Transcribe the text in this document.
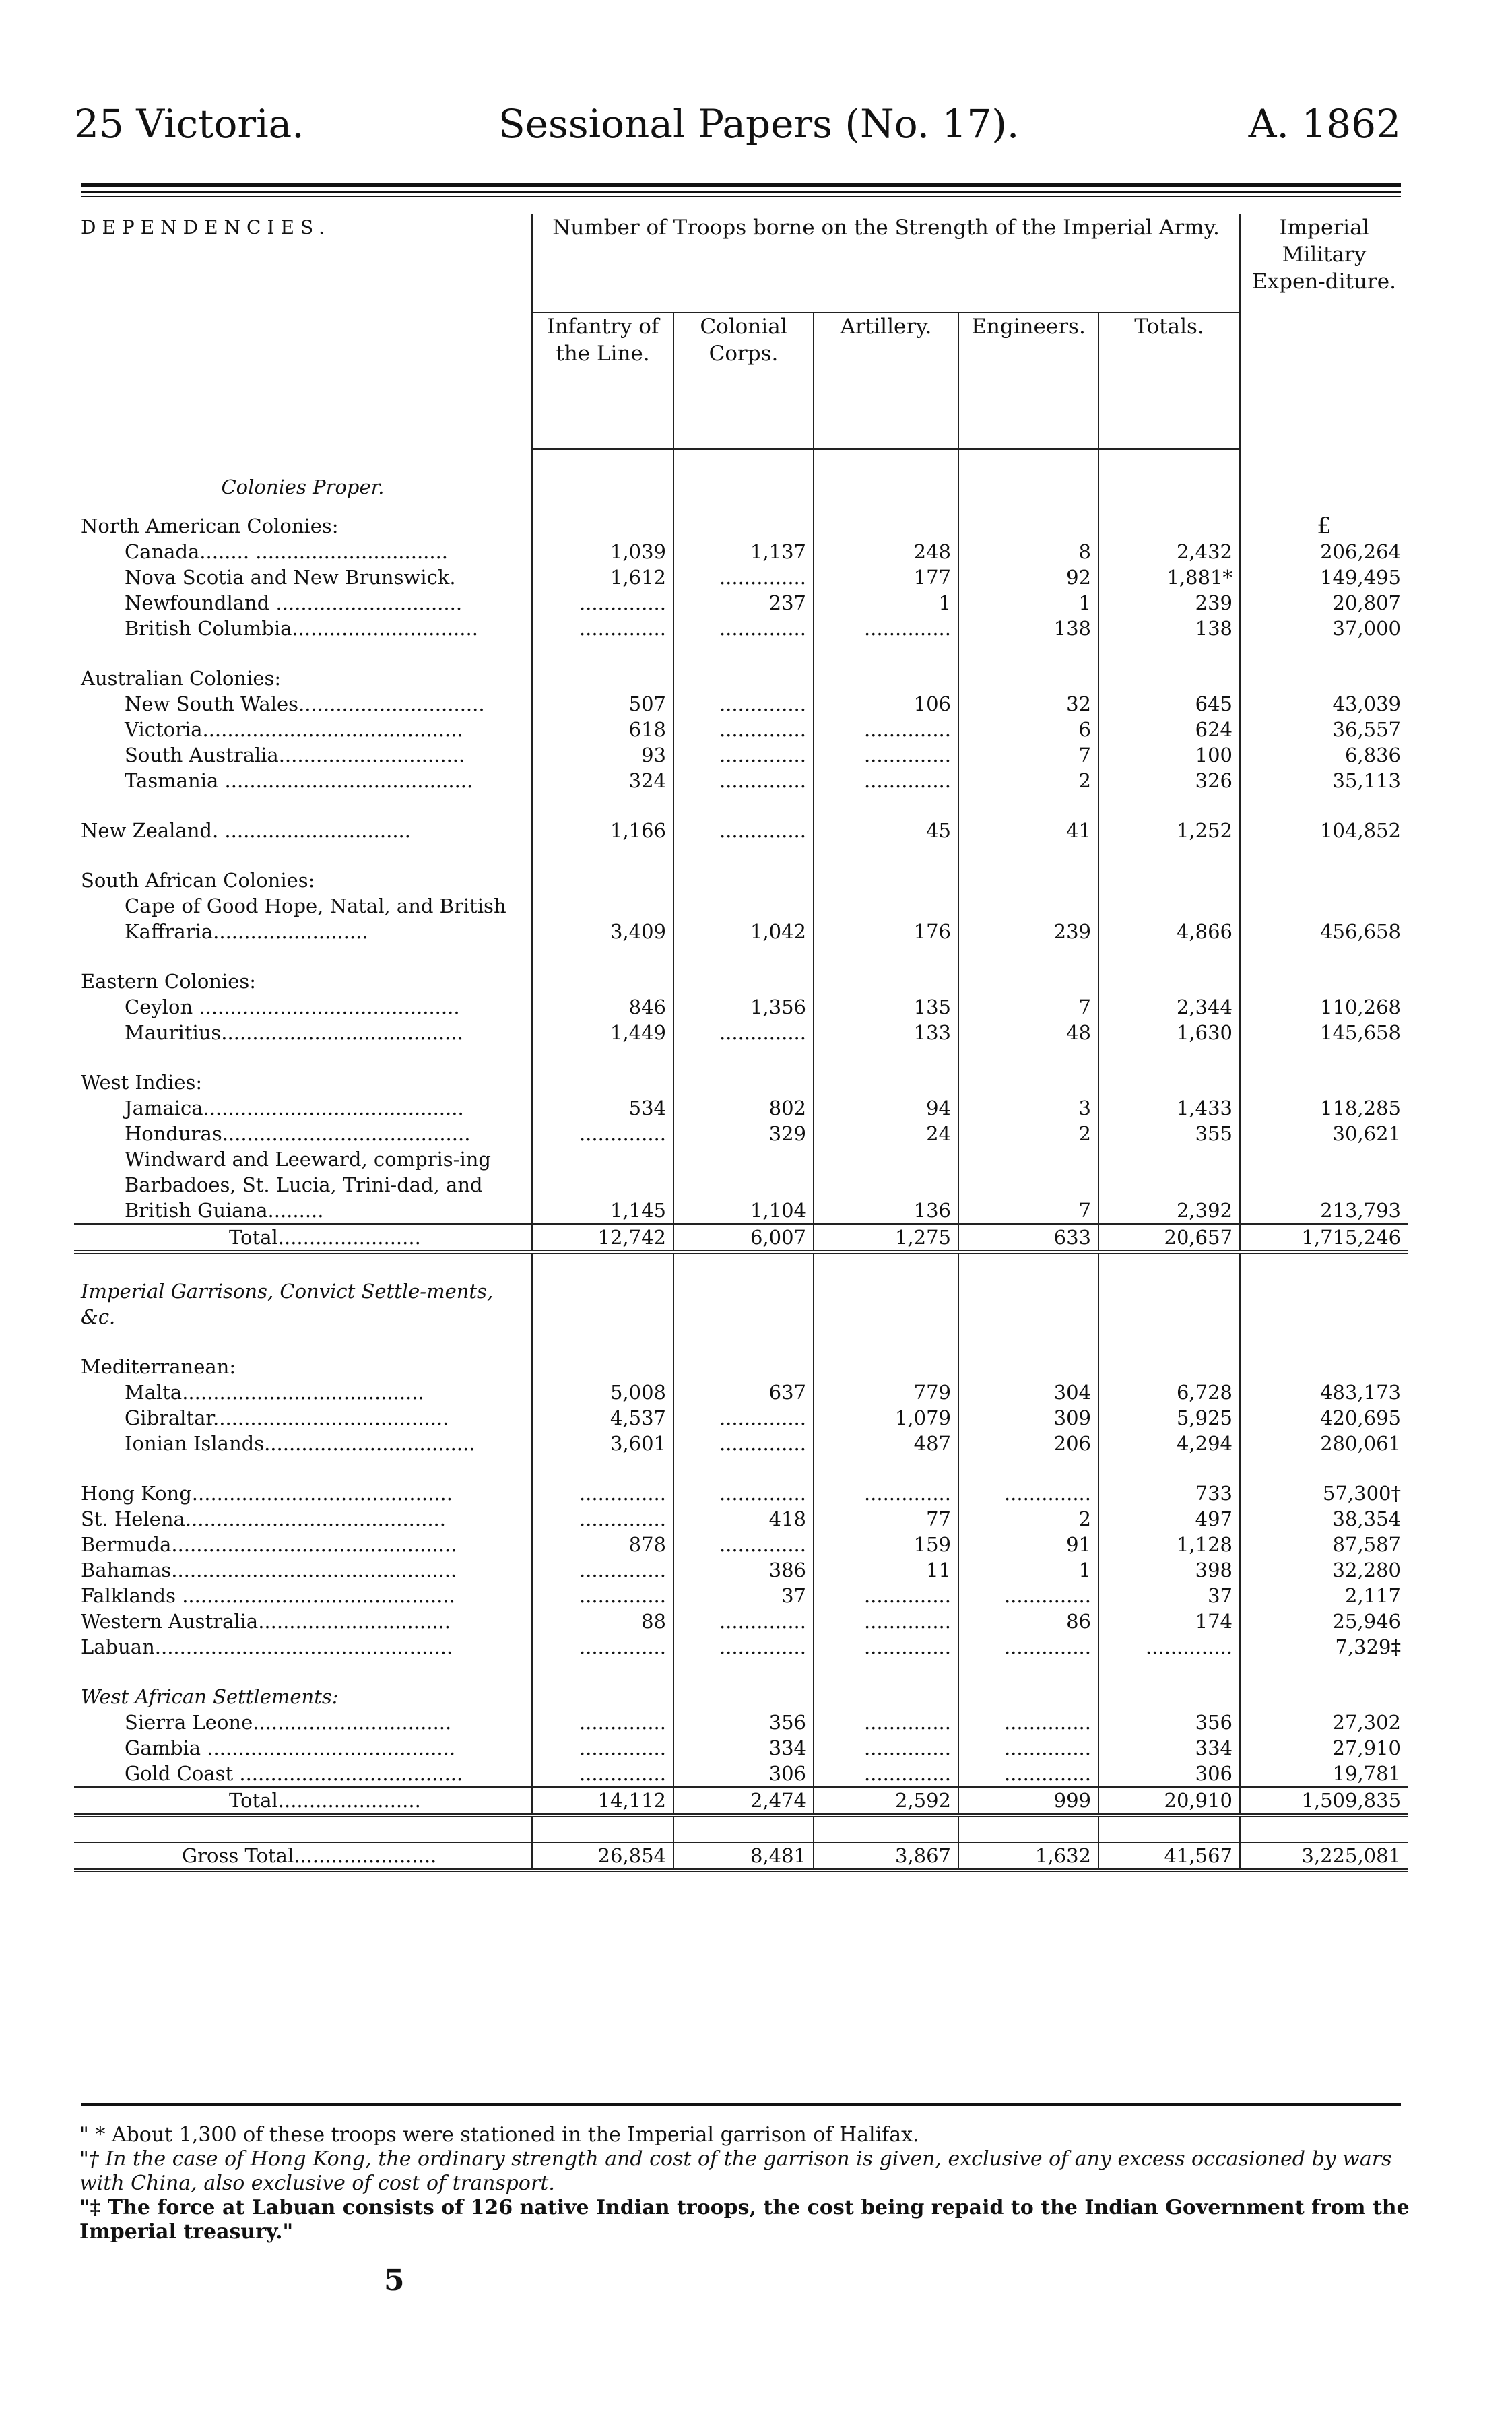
25 Victoria.	Sessional Papers (No. 17).	A. 1862
DEPENDENCIES.	Number of Troops borne on the Strength of the Imperial Army.					Imperial Military Expen-diture.
	Infantry of the Line.	Colonial Corps.	Artillery.	Engineers.	Totals.	

Colonies Proper.						£
North American Colonies:						
Canada........ ...............................	1,039	1,137	248	8	2,432	206,264
Nova Scotia and New Brunswick.	1,612	..............	177	92	1,881*	149,495
Newfoundland ..............................	..............	237	1	1	239	20,807
British Columbia..............................	..............	..............	..............	138	138	37,000

Australian Colonies:						
New South Wales..............................	507	..............	106	32	645	43,039
Victoria..........................................	618	..............	..............	6	624	36,557
South Australia..............................	93	..............	..............	7	100	6,836
Tasmania ........................................	324	..............	..............	2	326	35,113

New Zealand. ..............................	1,166	..............	45	41	1,252	104,852

South African Colonies:						
Cape of Good Hope, Natal, and British Kaffraria.........................	3,409	1,042	176	239	4,866	456,658

Eastern Colonies:						
Ceylon ..........................................	846	1,356	135	7	2,344	110,268
Mauritius.......................................	1,449	..............	133	48	1,630	145,658

West Indies:						
Jamaica..........................................	534	802	94	3	1,433	118,285
Honduras........................................	..............	329	24	2	355	30,621
Windward and Leeward, compris-ing Barbadoes, St. Lucia, Trini-dad, and British Guiana.........	1,145	1,104	136	7	2,392	213,793
Total.......................	12,742	6,007	1,275	633	20,657	1,715,246

Imperial Garrisons, Convict Settle-ments, &c.						

Mediterranean:						
Malta.......................................	5,008	637	779	304	6,728	483,173
Gibraltar......................................	4,537	..............	1,079	309	5,925	420,695
Ionian Islands..................................	3,601	..............	487	206	4,294	280,061

Hong Kong..........................................	..............	..............	..............	..............	733	57,300†
St. Helena..........................................	..............	418	77	2	497	38,354
Bermuda..............................................	878	..............	159	91	1,128	87,587
Bahamas..............................................	..............	386	11	1	398	32,280
Falklands ............................................	..............	37	..............	..............	37	2,117
Western Australia...............................	88	..............	..............	86	174	25,946
Labuan................................................	..............	..............	..............	..............	..............	7,329‡

West African Settlements:						
Sierra Leone................................	..............	356	..............	..............	356	27,302
Gambia ........................................	..............	334	..............	..............	334	27,910
Gold Coast ....................................	..............	306	..............	..............	306	19,781
Total.......................	14,112	2,474	2,592	999	20,910	1,509,835

Gross Total.......................	26,854	8,481	3,867	1,632	41,567	3,225,081

" * About 1,300 of these troops were stationed in the Imperial garrison of Halifax.

"† In the case of Hong Kong, the ordinary strength and cost of the garrison is given, exclusive of any excess occasioned by wars with China, also exclusive of cost of transport.

"‡ The force at Labuan consists of 126 native Indian troops, the cost being repaid to the Indian Government from the Imperial treasury."

5
